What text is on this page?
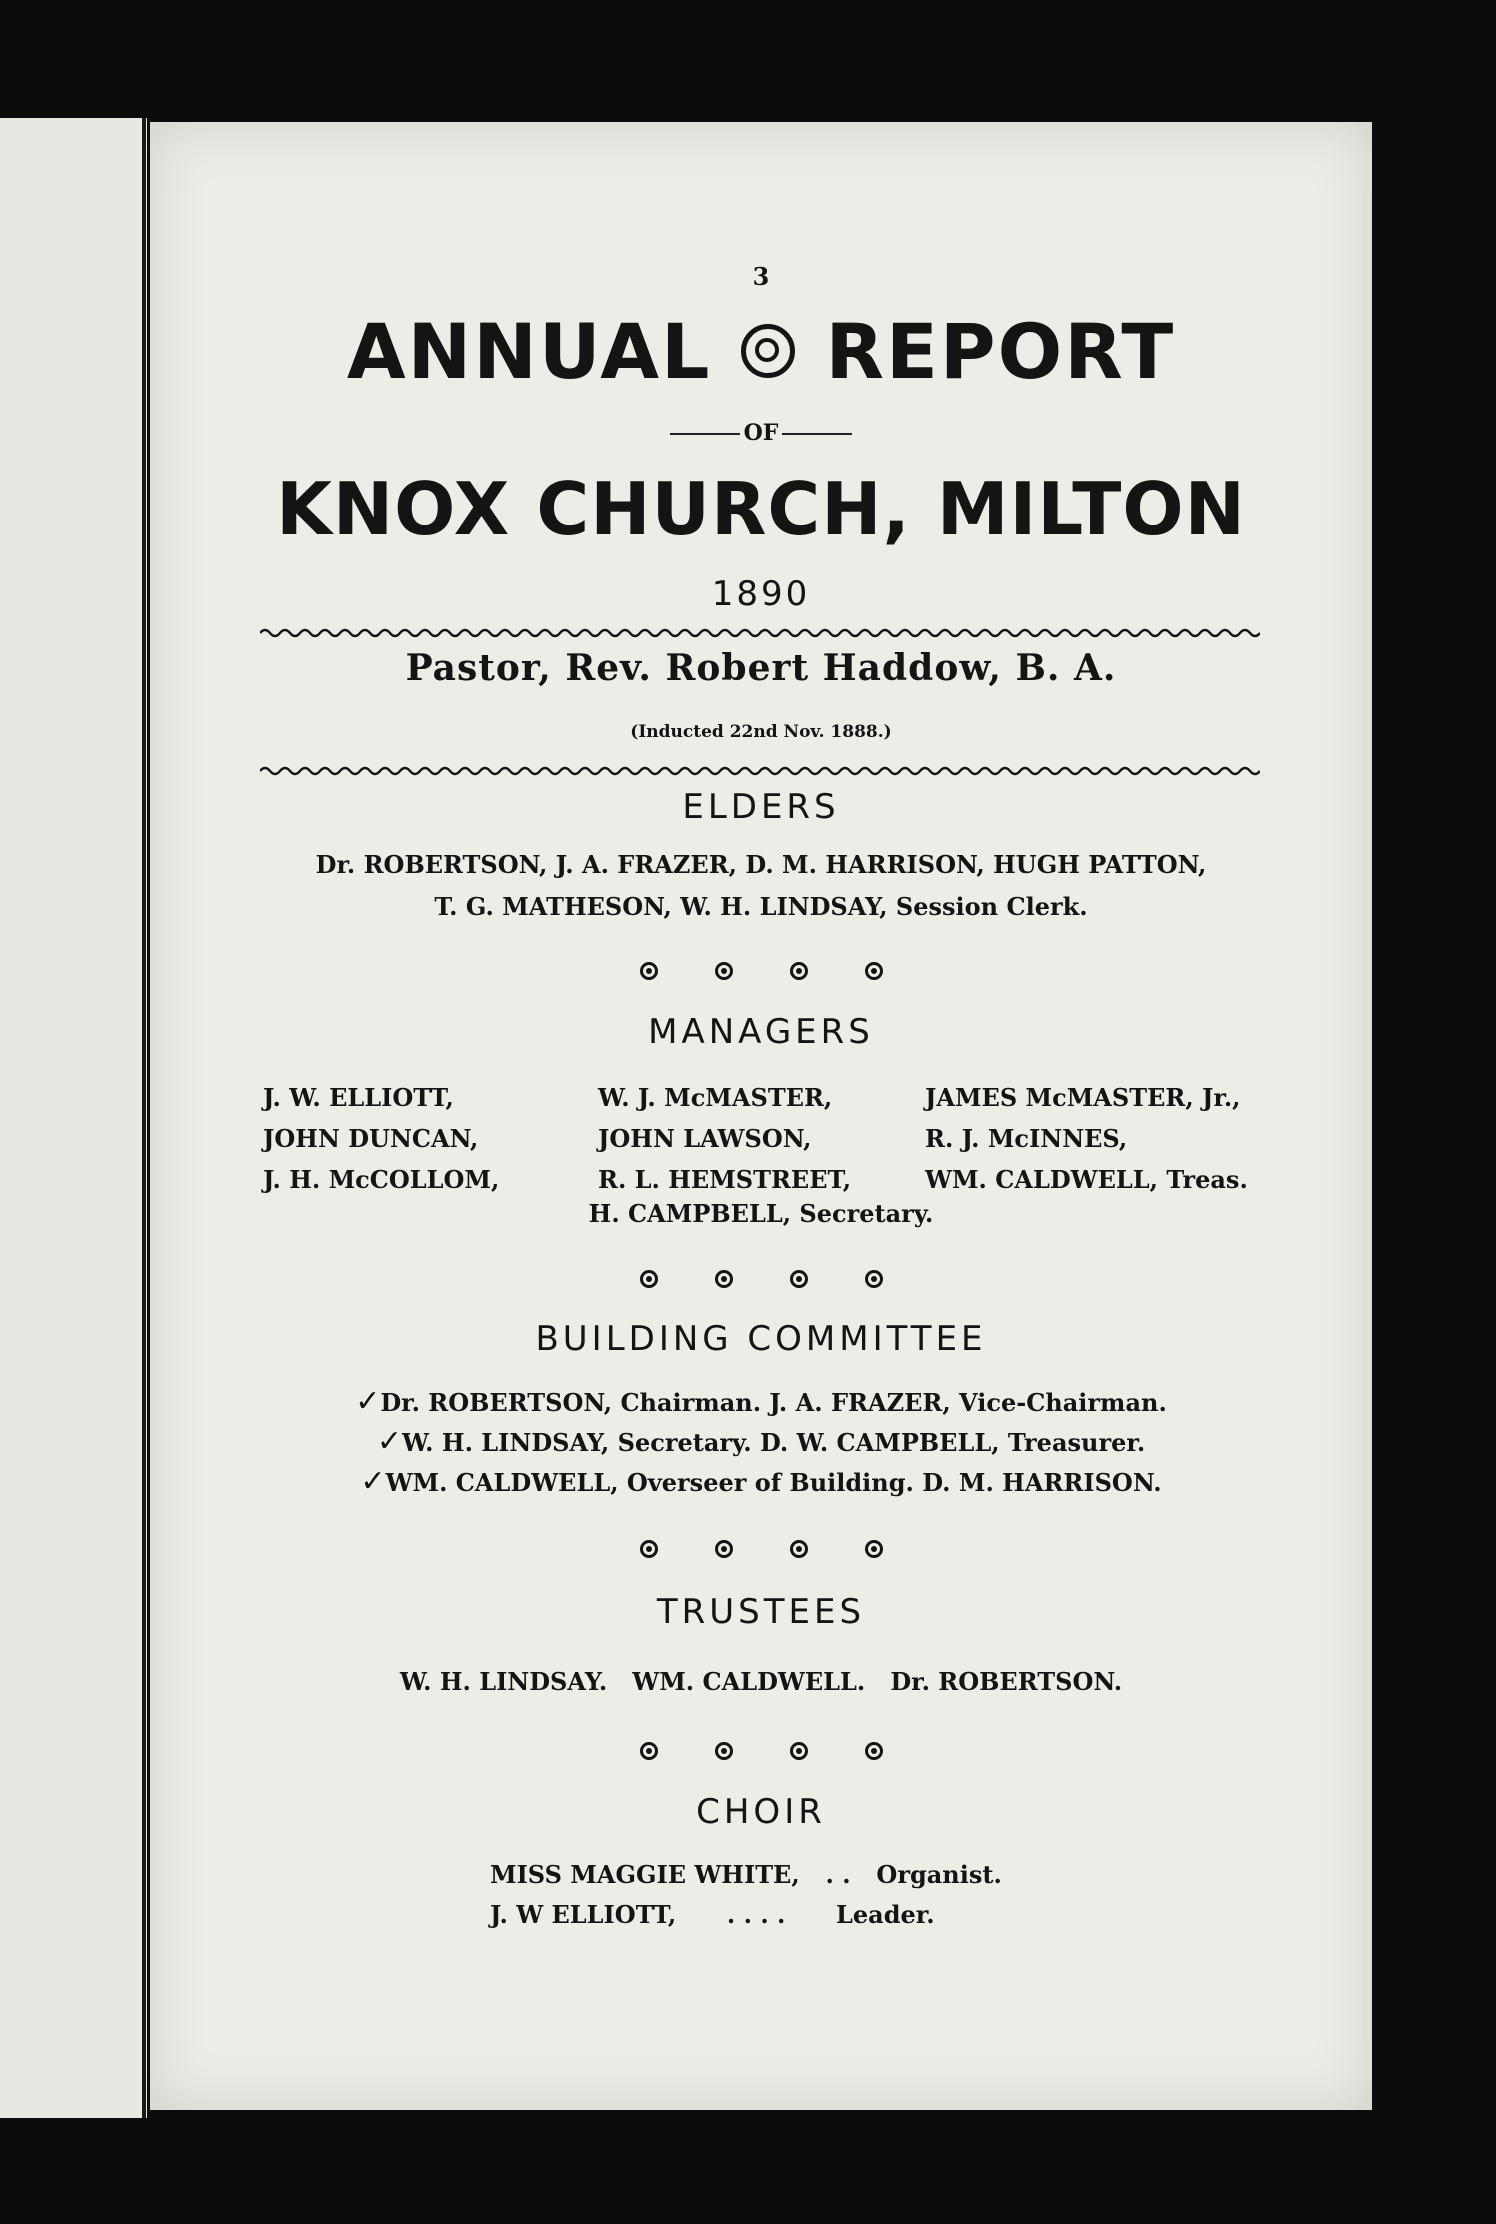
3
ANNUAL REPORT
OF
KNOX CHURCH, MILTON
1890
Pastor, Rev. Robert Haddow, B. A.
(Inducted 22nd Nov. 1888.)
ELDERS
Dr. ROBERTSON, J. A. FRAZER, D. M. HARRISON, HUGH PATTON,
T. G. MATHESON, W. H. LINDSAY, Session Clerk.
MANAGERS
J. W. ELLIOTT,
JOHN DUNCAN,
J. H. McCOLLOM,
W. J. McMASTER,
JOHN LAWSON,
R. L. HEMSTREET,
JAMES McMASTER, Jr.,
R. J. McINNES,
WM. CALDWELL, Treas.
H. CAMPBELL, Secretary.
BUILDING COMMITTEE
✓Dr. ROBERTSON, Chairman. J. A. FRAZER, Vice-Chairman.
✓W. H. LINDSAY, Secretary. D. W. CAMPBELL, Treasurer.
✓WM. CALDWELL, Overseer of Building. D. M. HARRISON.
TRUSTEES
W. H. LINDSAY.   WM. CALDWELL.   Dr. ROBERTSON.
CHOIR
MISS MAGGIE WHITE, . . Organist.
J. W ELLIOTT, . . . . Leader.
